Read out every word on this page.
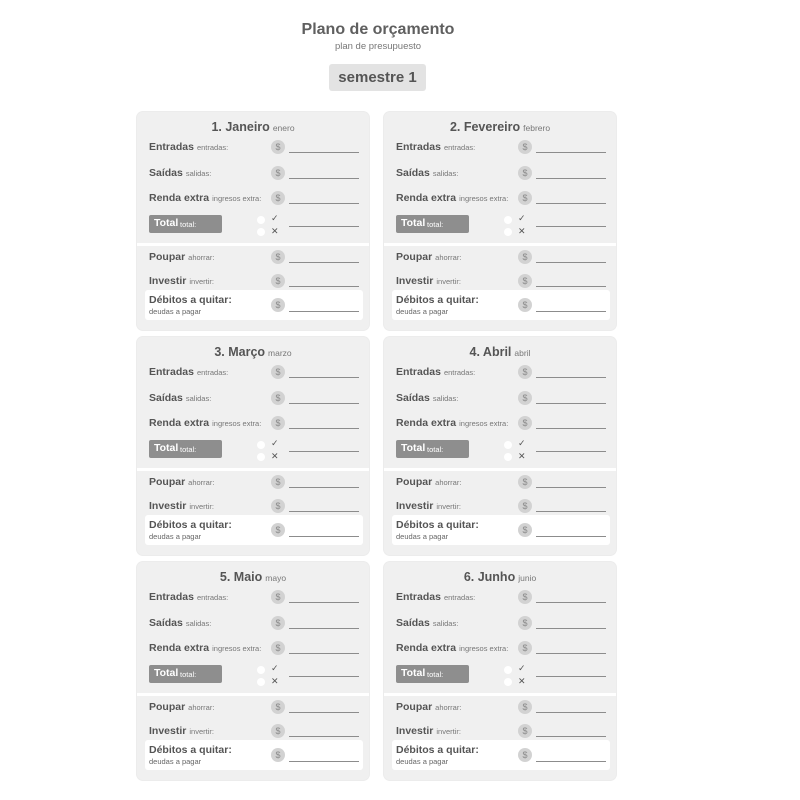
Plano de orçamento
plan de presupuesto
semestre 1
1. Janeiro enero
Entradas entradas:	$
Saídas salidas:	$
Renda extra ingresos extra:	$
Total total:
✓
✕
Poupar ahorrar:	$
Investir invertir:	$
Débitos a quitar:
deudas a pagar
$
2. Fevereiro febrero
Entradas entradas:	$
Saídas salidas:	$
Renda extra ingresos extra:	$
Total total:
✓
✕
Poupar ahorrar:	$
Investir invertir:	$
Débitos a quitar:
deudas a pagar
$
3. Março marzo
Entradas entradas:	$
Saídas salidas:	$
Renda extra ingresos extra:	$
Total total:
✓
✕
Poupar ahorrar:	$
Investir invertir:	$
Débitos a quitar:
deudas a pagar
$
4. Abril abril
Entradas entradas:	$
Saídas salidas:	$
Renda extra ingresos extra:	$
Total total:
✓
✕
Poupar ahorrar:	$
Investir invertir:	$
Débitos a quitar:
deudas a pagar
$
5. Maio mayo
Entradas entradas:	$
Saídas salidas:	$
Renda extra ingresos extra:	$
Total total:
✓
✕
Poupar ahorrar:	$
Investir invertir:	$
Débitos a quitar:
deudas a pagar
$
6. Junho junio
Entradas entradas:	$
Saídas salidas:	$
Renda extra ingresos extra:	$
Total total:
✓
✕
Poupar ahorrar:	$
Investir invertir:	$
Débitos a quitar:
deudas a pagar
$
